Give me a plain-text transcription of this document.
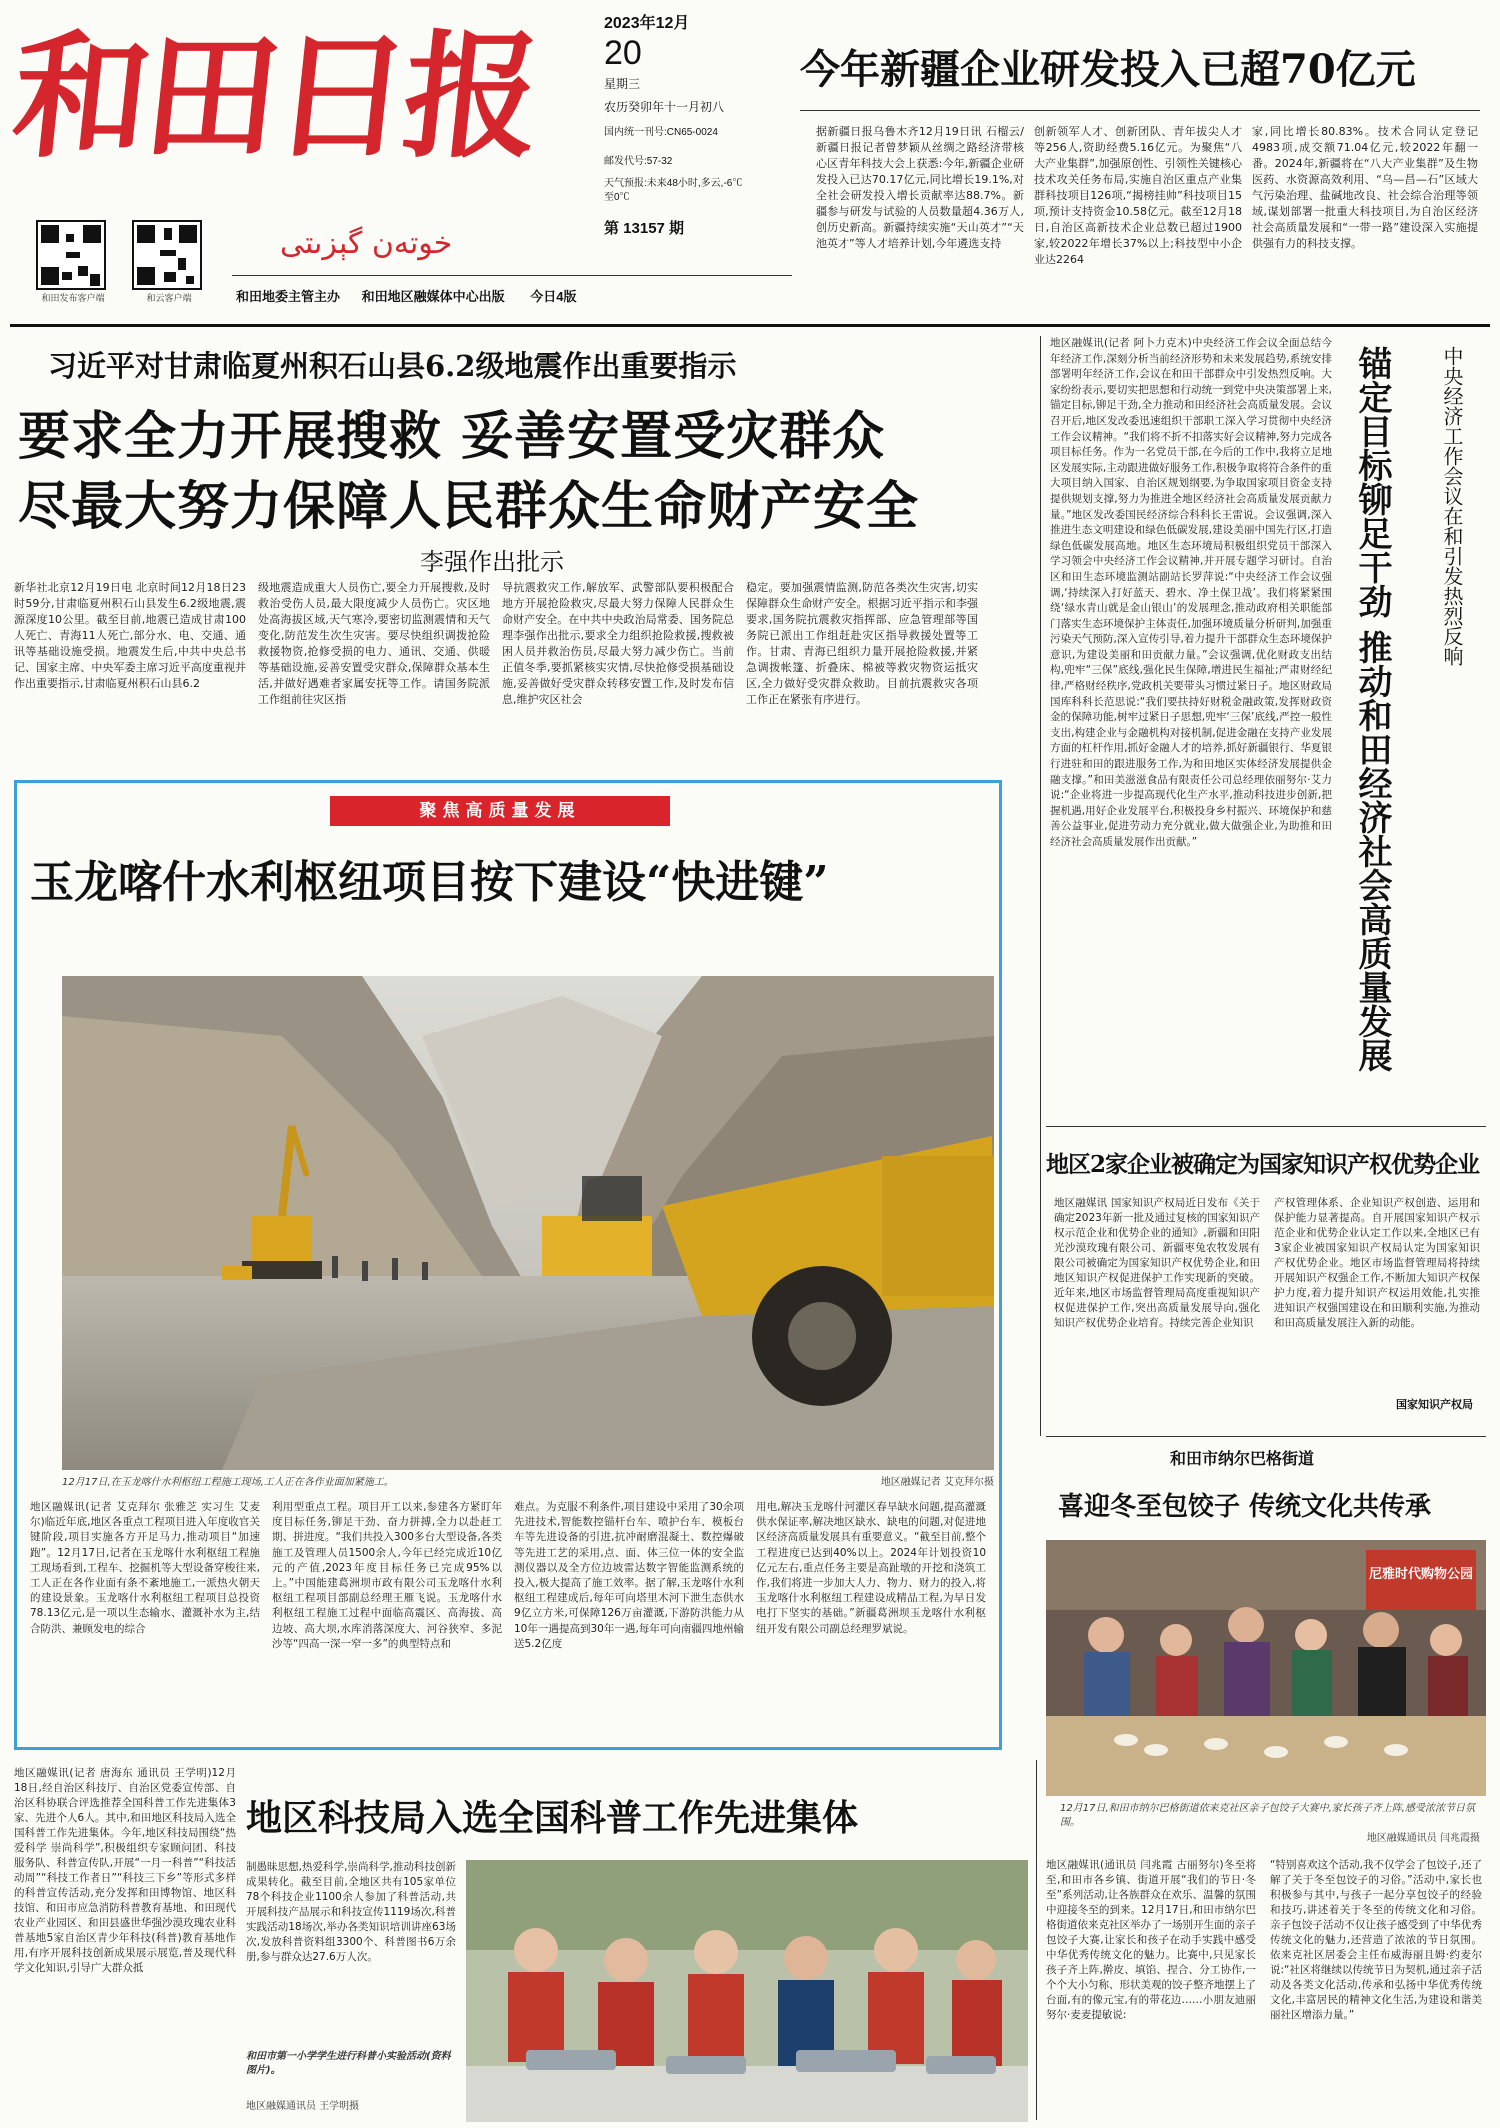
和田日报
和田发布客户端	和云客户端
خوتەن گېزىتى
2023年12月
20
星期三
农历癸卯年十一月初八
国内统一刊号:CN65-0024
邮发代号:57-32
天气预报:未来48小时,多云,-6℃至0℃
第 13157 期
和田地委主管主办 和田地区融媒体中心出版 今日4版
今年新疆企业研发投入已超70亿元
据新疆日报乌鲁木齐12月19日讯 石榴云/新疆日报记者曾梦颖从丝绸之路经济带核心区青年科技大会上获悉:今年,新疆企业研发投入已达70.17亿元,同比增长19.1%,对全社会研发投入增长贡献率达88.7%。新疆参与研发与试验的人员数量超4.36万人,创历史新高。新疆持续实施“天山英才”“天池英才”等人才培养计划,今年遴选支持
创新领军人才、创新团队、青年拔尖人才等256人,资助经费5.16亿元。为聚焦“八大产业集群”,加强原创性、引领性关键核心技术攻关任务布局,实施自治区重点产业集群科技项目126项,“揭榜挂帅”科技项目15项,预计支持资金10.58亿元。截至12月18日,自治区高新技术企业总数已超过1900家,较2022年增长37%以上;科技型中小企业达2264
家,同比增长80.83%。技术合同认定登记4983项,成交额71.04亿元,较2022年翻一番。2024年,新疆将在“八大产业集群”及生物医药、水资源高效利用、“乌—昌—石”区域大气污染治理、盐碱地改良、社会综合治理等领域,谋划部署一批重大科技项目,为自治区经济社会高质量发展和“一带一路”建设深入实施提供强有力的科技支撑。
习近平对甘肃临夏州积石山县6.2级地震作出重要指示
要求全力开展搜救 妥善安置受灾群众
尽最大努力保障人民群众生命财产安全
李强作出批示
新华社北京12月19日电 北京时间12月18日23时59分,甘肃临夏州积石山县发生6.2级地震,震源深度10公里。截至目前,地震已造成甘肃100人死亡、青海11人死亡,部分水、电、交通、通讯等基础设施受损。地震发生后,中共中央总书记、国家主席、中央军委主席习近平高度重视并作出重要指示,甘肃临夏州积石山县6.2
级地震造成重大人员伤亡,要全力开展搜救,及时救治受伤人员,最大限度减少人员伤亡。灾区地处高海拔区域,天气寒冷,要密切监测震情和天气变化,防范发生次生灾害。要尽快组织调拨抢险救援物资,抢修受损的电力、通讯、交通、供暖等基础设施,妥善安置受灾群众,保障群众基本生活,并做好遇难者家属安抚等工作。请国务院派工作组前往灾区指
导抗震救灾工作,解放军、武警部队要积极配合地方开展抢险救灾,尽最大努力保障人民群众生命财产安全。在中共中央政治局常委、国务院总理李强作出批示,要求全力组织抢险救援,搜救被困人员并救治伤员,尽最大努力减少伤亡。当前正值冬季,要抓紧核实灾情,尽快抢修受损基础设施,妥善做好受灾群众转移安置工作,及时发布信息,维护灾区社会
稳定。要加强震情监测,防范各类次生灾害,切实保障群众生命财产安全。根据习近平指示和李强要求,国务院抗震救灾指挥部、应急管理部等国务院已派出工作组赶赴灾区指导救援处置等工作。甘肃、青海已组织力量开展抢险救援,并紧急调拨帐篷、折叠床、棉被等救灾物资运抵灾区,全力做好受灾群众救助。目前抗震救灾各项工作正在紧张有序进行。
地区融媒讯(记者 阿卜力克木)中央经济工作会议全面总结今年经济工作,深刻分析当前经济形势和未来发展趋势,系统安排部署明年经济工作,会议在和田干部群众中引发热烈反响。大家纷纷表示,要切实把思想和行动统一到党中央决策部署上来,锚定目标,铆足干劲,全力推动和田经济社会高质量发展。会议召开后,地区发改委迅速组织干部职工深入学习贯彻中央经济工作会议精神。“我们将不折不扣落实好会议精神,努力完成各项目标任务。作为一名党员干部,在今后的工作中,我将立足地区发展实际,主动跟进做好服务工作,积极争取将符合条件的重大项目纳入国家、自治区规划纲要,为争取国家项目资金支持提供规划支撑,努力为推进全地区经济社会高质量发展贡献力量。”地区发改委国民经济综合科科长王雷说。会议强调,深入推进生态文明建设和绿色低碳发展,建设美丽中国先行区,打造绿色低碳发展高地。地区生态环境局积极组织党员干部深入学习领会中央经济工作会议精神,并开展专题学习研讨。自治区和田生态环境监测站副站长罗萍说:“中央经济工作会议强调,‘持续深入打好蓝天、碧水、净土保卫战’。我们将紧紧围绕‘绿水青山就是金山银山’的发展理念,推动政府相关职能部门落实生态环境保护主体责任,加强环境质量分析研判,加强重污染天气预防,深入宣传引导,着力提升干部群众生态环境保护意识,为建设美丽和田贡献力量。”会议强调,优化财政支出结构,兜牢“三保”底线,强化民生保障,增进民生福祉;严肃财经纪律,严格财经秩序,党政机关要带头习惯过紧日子。地区财政局国库科科长范思说:“我们要扶持好财税金融政策,发挥财政资金的保障功能,树牢过紧日子思想,兜牢‘三保’底线,严控一般性支出,构建企业与金融机构对接机制,促进金融在支持产业发展方面的杠杆作用,抓好金融人才的培养,抓好新疆银行、华夏银行进驻和田的跟进服务工作,为和田地区实体经济发展提供金融支撑。”和田美滋滋食品有限责任公司总经理依丽努尔·艾力说:“企业将进一步提高现代化生产水平,推动科技进步创新,把握机遇,用好企业发展平台,积极投身乡村振兴、环境保护和慈善公益事业,促进劳动力充分就业,做大做强企业,为助推和田经济社会高质量发展作出贡献。”	锚定目标铆足干劲 推动和田经济社会高质量发展 中央经济工作会议在和引发热烈反响
地区2家企业被确定为国家知识产权优势企业
地区融媒讯 国家知识产权局近日发布《关于确定2023年新一批及通过复核的国家知识产权示范企业和优势企业的通知》,新疆和田阳光沙漠玫瑰有限公司、新疆枣兔农牧发展有限公司被确定为国家知识产权优势企业,和田地区知识产权促进保护工作实现新的突破。近年来,地区市场监督管理局高度重视知识产权促进保护工作,突出高质量发展导向,强化知识产权优势企业培育。持续完善企业知识
产权管理体系、企业知识产权创造、运用和保护能力显著提高。自开展国家知识产权示范企业和优势企业认定工作以来,全地区已有3家企业被国家知识产权局认定为国家知识产权优势企业。地区市场监督管理局将持续开展知识产权强企工作,不断加大知识产权保护力度,着力提升知识产权运用效能,扎实推进知识产权强国建设在和田顺利实施,为推动和田高质量发展注入新的动能。
国家知识产权局
聚焦高质量发展
玉龙喀什水利枢纽项目按下建设“快进键”
12月17日,在玉龙喀什水利枢纽工程施工现场,工人正在各作业面加紧施工。	地区融媒记者 艾克拜尔摄
地区融媒讯(记者 艾克拜尔 张雅芝 实习生 艾麦尔)临近年底,地区各重点工程项目进入年度收官关键阶段,项目实施各方开足马力,推动项目“加速跑”。12月17日,记者在玉龙喀什水利枢纽工程施工现场看到,工程车、挖掘机等大型设备穿梭往来,工人正在各作业面有条不紊地施工,一派热火朝天的建设景象。玉龙喀什水利枢纽工程项目总投资78.13亿元,是一项以生态输水、灌溉补水为主,结合防洪、兼顾发电的综合
利用型重点工程。项目开工以来,参建各方紧盯年度目标任务,铆足干劲、奋力拼搏,全力以赴赶工期、拼进度。“我们共投入300多台大型设备,各类施工及管理人员1500余人,今年已经完成近10亿元的产值,2023年度目标任务已完成95%以上。”中国能建葛洲坝市政有限公司玉龙喀什水利枢纽工程项目部副总经理王雁飞说。玉龙喀什水利枢纽工程施工过程中面临高震区、高海拔、高边坡、高大坝,水库消落深度大、河谷狭窄、多泥沙等“四高一深一窄一多”的典型特点和
难点。为克服不利条件,项目建设中采用了30余项先进技术,智能数控锚杆台车、喷护台车、模板台车等先进设备的引进,抗冲耐磨混凝土、数控爆破等先进工艺的采用,点、面、体三位一体的安全监测仪器以及全方位边坡雷达数字智能监测系统的投入,极大提高了施工效率。据了解,玉龙喀什水利枢纽工程建成后,每年可向塔里木河下泄生态供水9亿立方米,可保障126万亩灌溉,下游防洪能力从10年一遇提高到30年一遇,每年可向南疆四地州输送5.2亿度
用电,解决玉龙喀什河灌区春旱缺水问题,提高灌溉供水保证率,解决地区缺水、缺电的问题,对促进地区经济高质量发展具有重要意义。“截至目前,整个工程进度已达到40%以上。2024年计划投资10亿元左右,重点任务主要是高趾墩的开挖和浇筑工作,我们将进一步加大人力、物力、财力的投入,将玉龙喀什水利枢纽工程建设成精品工程,为早日发电打下坚实的基础。”新疆葛洲坝玉龙喀什水利枢纽开发有限公司副总经理罗斌说。
和田市纳尔巴格街道
喜迎冬至包饺子 传统文化共传承
尼雅时代购物公园
12月17日,和田市纳尔巴格街道依来克社区亲子包饺子大赛中,家长孩子齐上阵,感受浓浓节日氛围。
地区融媒通讯员 闫兆霞摄
地区融媒讯(通讯员 闫兆霞 古丽努尔)冬至将至,和田市各乡镇、街道开展“我们的节日·冬至”系列活动,让各族群众在欢乐、温馨的氛围中迎接冬至的到来。12月17日,和田市纳尔巴格街道依来克社区举办了一场别开生面的亲子包饺子大赛,让家长和孩子在动手实践中感受中华优秀传统文化的魅力。比赛中,只见家长孩子齐上阵,擀皮、填馅、捏合、分工协作,一个个大小匀称、形状美观的饺子整齐地摆上了台面,有的像元宝,有的带花边……小朋友迪丽努尔·麦麦提敏说:
“特别喜欢这个活动,我不仅学会了包饺子,还了解了关于冬至包饺子的习俗。”活动中,家长也积极参与其中,与孩子一起分享包饺子的经验和技巧,讲述着关于冬至的传统文化和习俗。亲子包饺子活动不仅让孩子感受到了中华优秀传统文化的魅力,还营造了浓浓的节日氛围。依来克社区居委会主任布威海丽且姆·约麦尔说:“社区将继续以传统节日为契机,通过亲子活动及各类文化活动,传承和弘扬中华优秀传统文化,丰富居民的精神文化生活,为建设和谐美丽社区增添力量。”
地区融媒讯(记者 唐海东 通讯员 王学明)12月18日,经自治区科技厅、自治区党委宣传部、自治区科协联合评选推荐全国科普工作先进集体3家、先进个人6人。其中,和田地区科技局入选全国科普工作先进集体。今年,地区科技局围绕“热爱科学 崇尚科学”,积极组织专家顾问团、科技服务队、科普宣传队,开展“一月一科普”“科技活动周”“科技工作者日”“科技三下乡”等形式多样的科普宣传活动,充分发挥和田博物馆、地区科技馆、和田市应急消防科普教育基地、和田现代农业产业园区、和田县盛世华强沙漠玫瑰农业科普基地5家自治区青少年科技(科普)教育基地作用,有序开展科技创新成果展示展览,普及现代科学文化知识,引导广大群众抵
地区科技局入选全国科普工作先进集体
制愚昧思想,热爱科学,崇尚科学,推动科技创新成果转化。截至目前,全地区共有105家单位78个科技企业1100余人参加了科普活动,共开展科技产品展示和科技宣传1119场次,科普实践活动18场次,举办各类知识培训讲座63场次,发放科普资料组3300个、科普图书6万余册,参与群众达27.6万人次。
和田市第一小学学生进行科普小实验活动(资料图片)。
地区融媒通讯员 王学明摄
